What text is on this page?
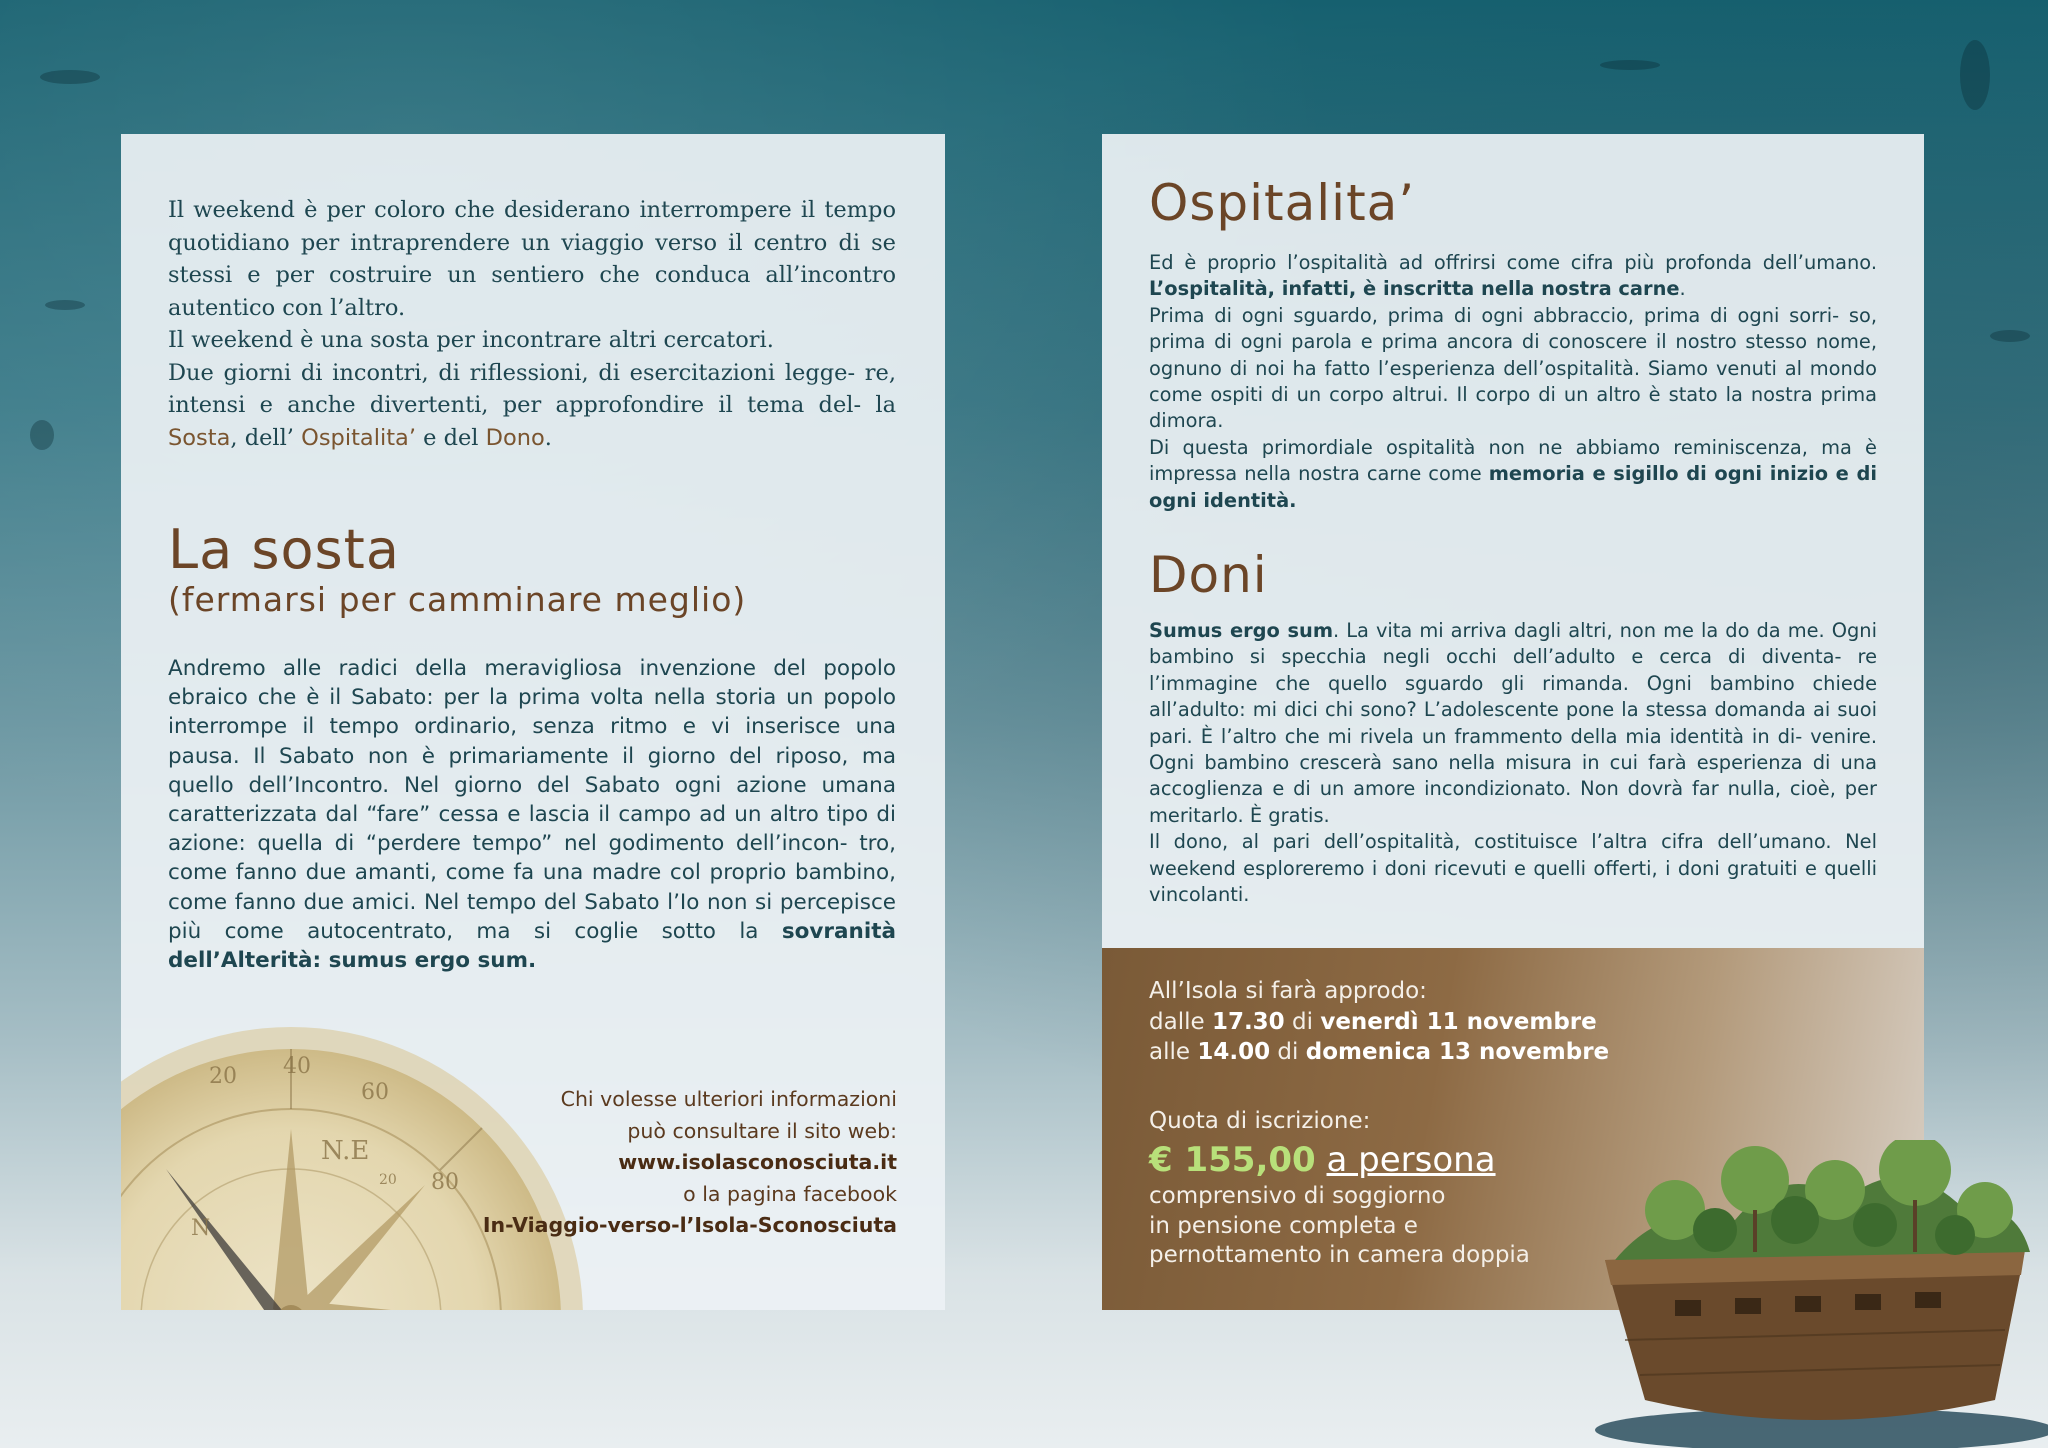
Il weekend è per coloro che desiderano interrompere il tempo quotidiano per intraprendere un viaggio verso il centro di se stessi e per costruire un sentiero che conduca all’incontro autentico con l’altro.

Il weekend è una sosta per incontrare altri cercatori.

Due giorni di incontri, di riflessioni, di esercitazioni legge- re, intensi e anche divertenti, per approfondire il tema del- la Sosta, dell’ Ospitalita’ e del Dono.

La sosta
(fermarsi per camminare meglio)

Andremo alle radici della meravigliosa invenzione del popolo ebraico che è il Sabato: per la prima volta nella storia un popolo interrompe il tempo ordinario, senza ritmo e vi inserisce una pausa. Il Sabato non è primariamente il giorno del riposo, ma quello dell’Incontro. Nel giorno del Sabato ogni azione umana caratterizzata dal “fare” cessa e lascia il campo ad un altro tipo di azione: quella di “perdere tempo” nel godimento dell’incon- tro, come fanno due amanti, come fa una madre col proprio bambino, come fanno due amici. Nel tempo del Sabato l’Io non si percepisce più come autocentrato, ma si coglie sotto la sovranità dell’Alterità: sumus ergo sum.

20 40
60
80
20
N.E
E
N

Chi volesse ulteriori informazioni
può consultare il sito web:
www.isolasconosciuta.it
o la pagina facebook
In-Viaggio-verso-l’Isola-Sconosciuta

Ospitalita’
Ed è proprio l’ospitalità ad offrirsi come cifra più profonda dell’umano. L’ospitalità, infatti, è inscritta nella nostra carne.
Prima di ogni sguardo, prima di ogni abbraccio, prima di ogni sorri- so, prima di ogni parola e prima ancora di conoscere il nostro stesso nome, ognuno di noi ha fatto l’esperienza dell’ospitalità. Siamo venuti al mondo come ospiti di un corpo altrui. Il corpo di un altro è stato la nostra prima dimora.
Di questa primordiale ospitalità non ne abbiamo reminiscenza, ma è impressa nella nostra carne come memoria e sigillo di ogni inizio e di ogni identità.
Doni
Sumus ergo sum. La vita mi arriva dagli altri, non me la do da me. Ogni bambino si specchia negli occhi dell’adulto e cerca di diventa- re l’immagine che quello sguardo gli rimanda. Ogni bambino chiede all’adulto: mi dici chi sono? L’adolescente pone la stessa domanda ai suoi pari. È l’altro che mi rivela un frammento della mia identità in di- venire. Ogni bambino crescerà sano nella misura in cui farà esperienza di una accoglienza e di un amore incondizionato. Non dovrà far nulla, cioè, per meritarlo. È gratis.
Il dono, al pari dell’ospitalità, costituisce l’altra cifra dell’umano. Nel weekend esploreremo i doni ricevuti e quelli offerti, i doni gratuiti e quelli vincolanti.

All’Isola si farà approdo:
dalle 17.30 di venerdì 11 novembre
alle 14.00 di domenica 13 novembre

Quota di iscrizione:

€ 155,00 a persona

comprensivo di soggiorno
in pensione completa e
pernottamento in camera doppia
